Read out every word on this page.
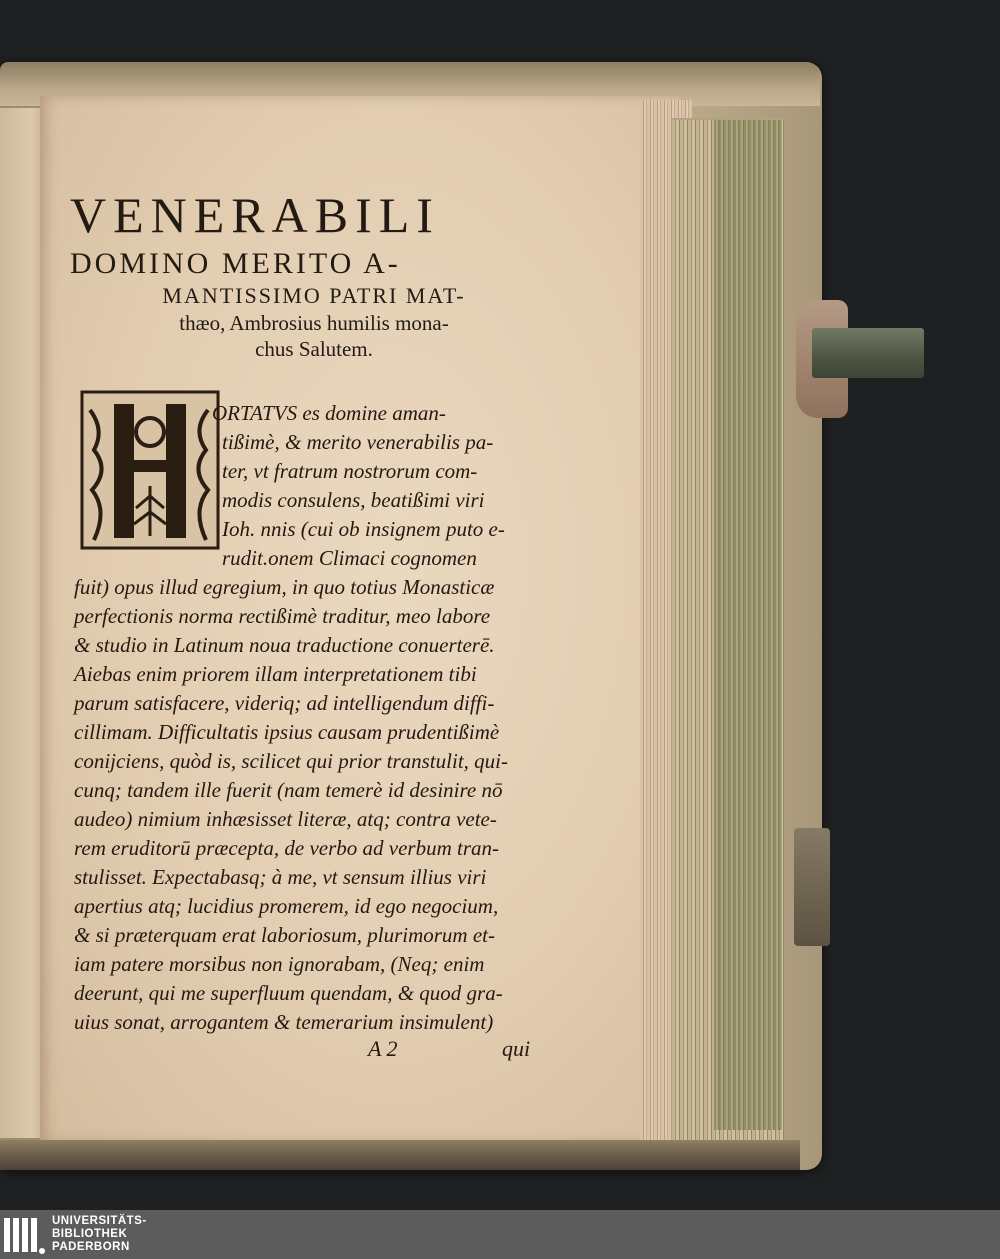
VENERABILI
DOMINO MERITO A-
MANTISSIMO PATRI MAT-
thæo, Ambrosius humilis mona-
chus Salutem.
ORTATVS es domine aman-
tißimè, & merito venerabilis pa-
ter, vt fratrum nostrorum com-
modis consulens, beatißimi viri
Ioh. nnis (cui ob insignem puto e-
rudit.onem Climaci cognomen
fuit) opus illud egregium, in quo totius Monasticæ
perfectionis norma rectißimè traditur, meo labore
& studio in Latinum noua traductione conuerterē.
Aiebas enim priorem illam interpretationem tibi
parum satisfacere, videriq; ad intelligendum diffi-
cillimam. Difficultatis ipsius causam prudentißimè
conijciens, quòd is, scilicet qui prior transtulit, qui-
cunq; tandem ille fuerit (nam temerè id desinire nō
audeo) nimium inhæsisset literæ, atq; contra vete-
rem eruditorū præcepta, de verbo ad verbum tran-
stulisset. Expectabasq; à me, vt sensum illius viri
apertius atq; lucidius promerem, id ego negocium,
& si præterquam erat laboriosum, plurimorum et-
iam patere morsibus non ignorabam, (Neq; enim
deerunt, qui me superfluum quendam, & quod gra-
uius sonat, arrogantem & temerarium insimulent)
A 2	qui
UNIVERSITÄTS-
BIBLIOTHEK
PADERBORN
